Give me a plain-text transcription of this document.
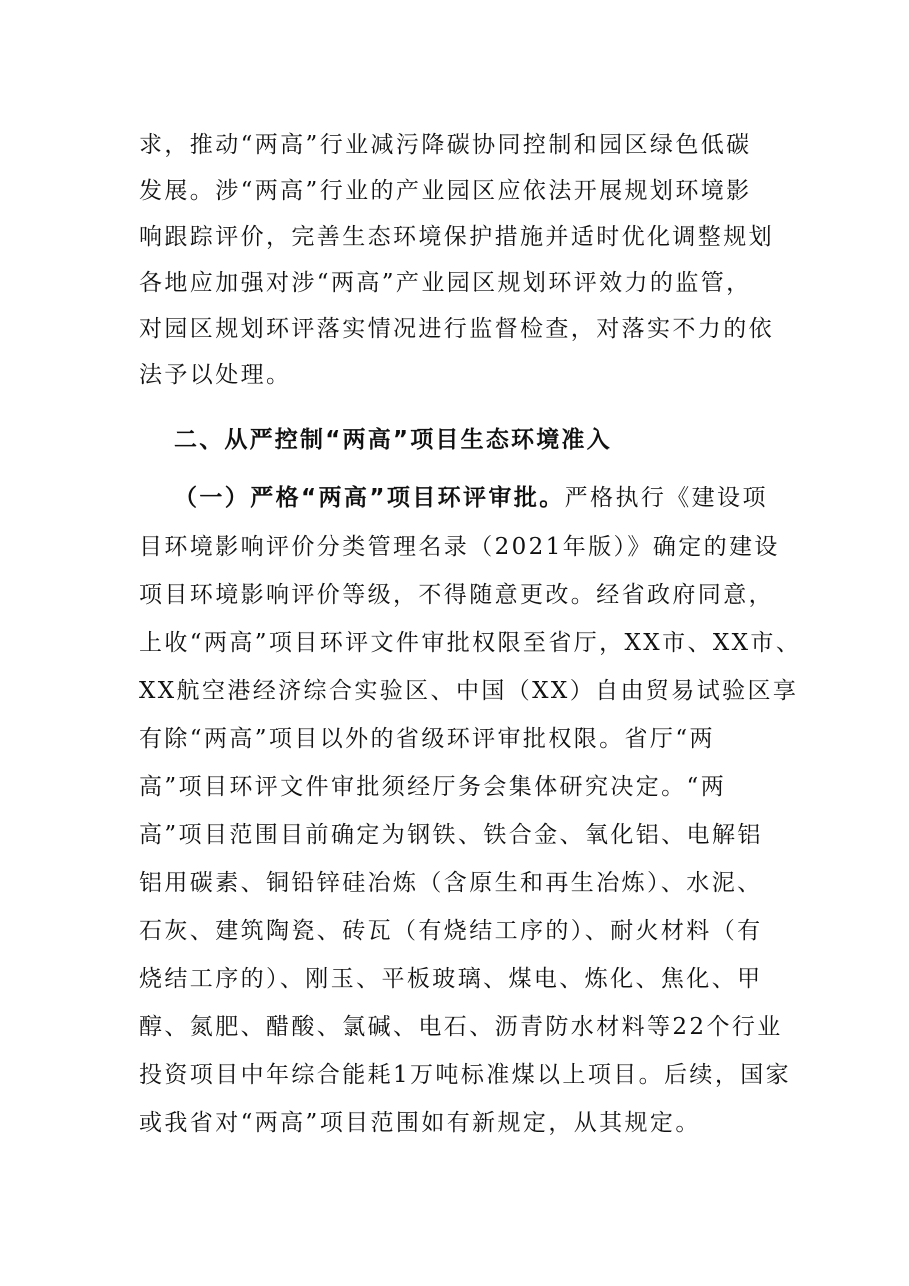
求，推动“两高”行业减污降碳协同控制和园区绿色低碳
发展。涉“两高”行业的产业园区应依法开展规划环境影
响跟踪评价，完善生态环境保护措施并适时优化调整规划
各地应加强对涉“两高”产业园区规划环评效力的监管，
对园区规划环评落实情况进行监督检查，对落实不力的依
法予以处理。
二、从严控制“两高”项目生态环境准入
（一）严格“两高”项目环评审批。严格执行《建设项
目环境影响评价分类管理名录（2021年版）》确定的建设
项目环境影响评价等级，不得随意更改。经省政府同意，
上收“两高”项目环评文件审批权限至省厅，XX市、XX市、
XX航空港经济综合实验区、中国（XX）自由贸易试验区享
有除“两高”项目以外的省级环评审批权限。省厅“两
高”项目环评文件审批须经厅务会集体研究决定。“两
高”项目范围目前确定为钢铁、铁合金、氧化铝、电解铝
铝用碳素、铜铅锌硅冶炼（含原生和再生冶炼）、水泥、
石灰、建筑陶瓷、砖瓦（有烧结工序的）、耐火材料（有
烧结工序的）、刚玉、平板玻璃、煤电、炼化、焦化、甲
醇、氮肥、醋酸、氯碱、电石、沥青防水材料等22个行业
投资项目中年综合能耗1万吨标准煤以上项目。后续，国家
或我省对“两高”项目范围如有新规定，从其规定。
